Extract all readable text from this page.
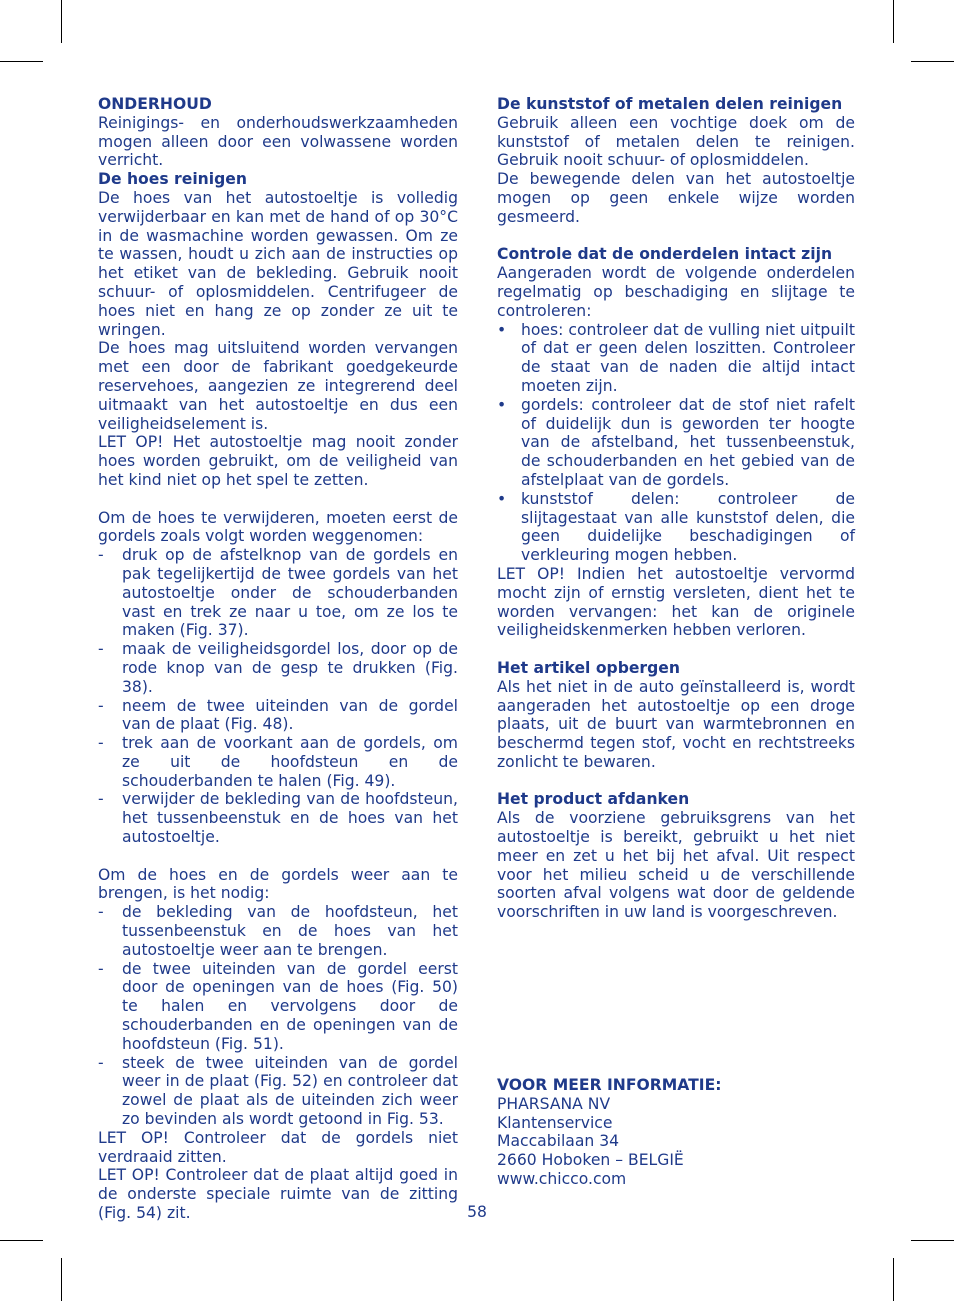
ONDERHOUD

Reinigings- en onderhoudswerkzaamheden mogen alleen door een volwassene worden verricht.

De hoes reinigen

De hoes van het autostoeltje is volledig verwijderbaar en kan met de hand of op 30°C in de wasmachine worden gewassen. Om ze te wassen, houdt u zich aan de instructies op het etiket van de bekleding. Gebruik nooit schuur- of oplosmiddelen. Centrifugeer de hoes niet en hang ze op zonder ze uit te wringen.

De hoes mag uitsluitend worden vervangen met een door de fabrikant goedgekeurde reservehoes, aangezien ze integrerend deel uitmaakt van het autostoeltje en dus een veiligheidselement is.

LET OP! Het autostoeltje mag nooit zonder hoes worden gebruikt, om de veiligheid van het kind niet op het spel te zetten.

Om de hoes te verwijderen, moeten eerst de gordels zoals volgt worden weggenomen:

- druk op de afstelknop van de gordels en pak tegelijkertijd de twee gordels van het autostoeltje onder de schouderbanden vast en trek ze naar u toe, om ze los te maken (Fig. 37).
- maak de veiligheidsgordel los, door op de rode knop van de gesp te drukken (Fig. 38).
- neem de twee uiteinden van de gordel van de plaat (Fig. 48).
- trek aan de voorkant aan de gordels, om ze uit de hoofdsteun en de schouderbanden te halen (Fig. 49).
- verwijder de bekleding van de hoofdsteun, het tussenbeenstuk en de hoes van het autostoeltje.

Om de hoes en de gordels weer aan te brengen, is het nodig:

- de bekleding van de hoofdsteun, het tussenbeenstuk en de hoes van het autostoeltje weer aan te brengen.
- de twee uiteinden van de gordel eerst door de openingen van de hoes (Fig. 50) te halen en vervolgens door de schouderbanden en de openingen van de hoofdsteun (Fig. 51).
- steek de twee uiteinden van de gordel weer in de plaat (Fig. 52) en controleer dat zowel de plaat als de uiteinden zich weer zo bevinden als wordt getoond in Fig. 53.

LET OP! Controleer dat de gordels niet verdraaid zitten.

LET OP! Controleer dat de plaat altijd goed in de onderste speciale ruimte van de zitting (Fig. 54) zit.

De kunststof of metalen delen reinigen

Gebruik alleen een vochtige doek om de kunststof of metalen delen te reinigen. Gebruik nooit schuur- of oplosmiddelen.

De bewegende delen van het autostoeltje mogen op geen enkele wijze worden gesmeerd.

Controle dat de onderdelen intact zijn

Aangeraden wordt de volgende onderdelen regelmatig op beschadiging en slijtage te controleren:

• hoes: controleer dat de vulling niet uitpuilt of dat er geen delen loszitten. Controleer de staat van de naden die altijd intact moeten zijn.
• gordels: controleer dat de stof niet rafelt of duidelijk dun is geworden ter hoogte van de afstelband, het tussenbeenstuk, de schouderbanden en het gebied van de afstelplaat van de gordels.
• kunststof delen: controleer de slijtagestaat van alle kunststof delen, die geen duidelijke beschadigingen of verkleuring mogen hebben.

LET OP! Indien het autostoeltje vervormd mocht zijn of ernstig versleten, dient het te worden vervangen: het kan de originele veiligheidskenmerken hebben verloren.

Het artikel opbergen

Als het niet in de auto geïnstalleerd is, wordt aangeraden het autostoeltje op een droge plaats, uit de buurt van warmtebronnen en beschermd tegen stof, vocht en rechtstreeks zonlicht te bewaren.

Het product afdanken

Als de voorziene gebruiksgrens van het autostoeltje is bereikt, gebruikt u het niet meer en zet u het bij het afval. Uit respect voor het milieu scheid u de verschillende soorten afval volgens wat door de geldende voorschriften in uw land is voorgeschreven.

VOOR MEER INFORMATIE:

PHARSANA NV

Klantenservice

Maccabilaan 34

2660 Hoboken – BELGIË

www.chicco.com

58
